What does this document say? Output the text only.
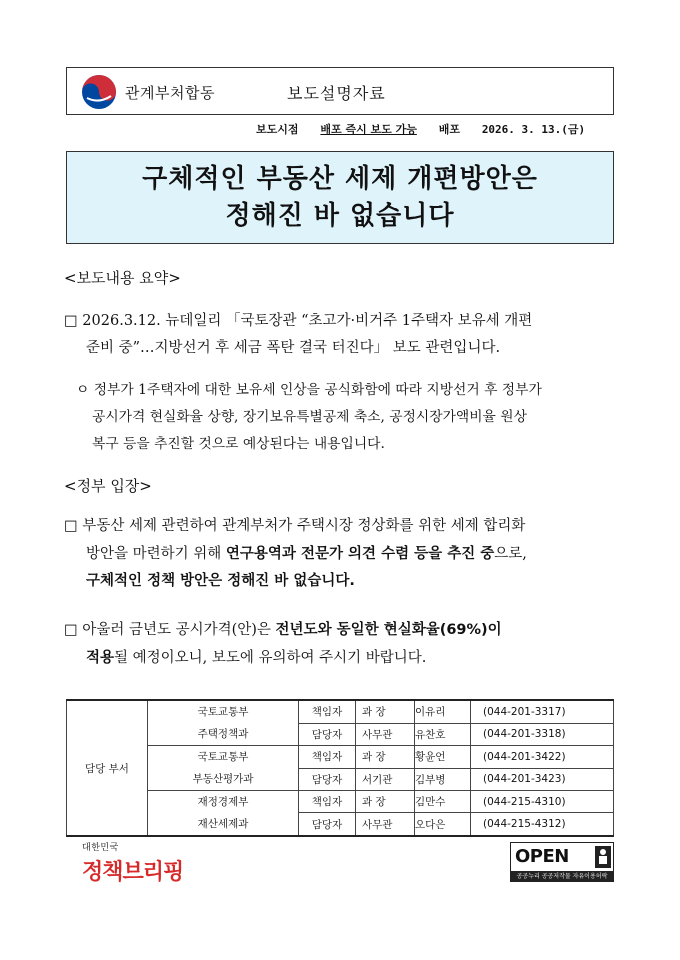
관계부처합동	보도설명자료
보도시점 배포 즉시 보도 가능 배포 2026. 3. 13.(금)
구체적인 부동산 세제 개편방안은
정해진 바 없습니다
<보도내용 요약>
□ 2026.3.12. 뉴데일리 「국토장관 “초고가·비거주 1주택자 보유세 개편
준비 중”…지방선거 후 세금 폭탄 결국 터진다」 보도 관련입니다.
ㅇ 정부가 1주택자에 대한 보유세 인상을 공식화함에 따라 지방선거 후 정부가
공시가격 현실화율 상향, 장기보유특별공제 축소, 공정시장가액비율 원상
복구 등을 추진할 것으로 예상된다는 내용입니다.
<정부 입장>
□ 부동산 세제 관련하여 관계부처가 주택시장 정상화를 위한 세제 합리화
방안을 마련하기 위해 연구용역과 전문가 의견 수렴 등을 추진 중으로,
구체적인 정책 방안은 정해진 바 없습니다.
□ 아울러 금년도 공시가격(안)은 전년도와 동일한 현실화율(69%)이
적용될 예정이오니, 보도에 유의하여 주시기 바랍니다.
담당 부서	국토교통부
주택정책과	책임자	과 장	이유리	(044-201-3317)
		담당자	사무관	유찬호	(044-201-3318)

	국토교통부
부동산평가과	책임자	과 장	황윤언	(044-201-3422)
		담당자	서기관	김부병	(044-201-3423)

	재정경제부
재산세제과	책임자	과 장	김만수	(044-215-4310)
		담당자	사무관	오다은	(044-215-4312)
대한민국
정책브리핑
OPEN
공공누리 공공저작물 자유이용허락
